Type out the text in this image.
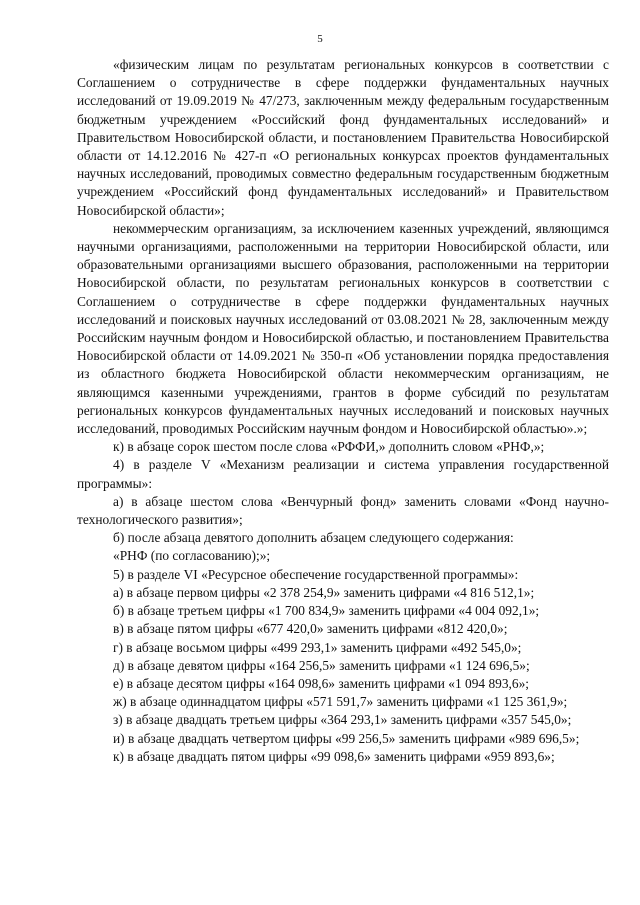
5

«физическим лицам по результатам региональных конкурсов в соответствии с Соглашением о сотрудничестве в сфере поддержки фундаментальных научных исследований от 19.09.2019 № 47/273, заключенным между федеральным государственным бюджетным учреждением «Российский фонд фундаментальных исследований» и Правительством Новосибирской области, и постановлением Правительства Новосибирской области от 14.12.2016 № 427-п «О региональных конкурсах проектов фундаментальных научных исследований, проводимых совместно федеральным государственным бюджетным учреждением «Российский фонд фундаментальных исследований» и Правительством Новосибирской области»;

некоммерческим организациям, за исключением казенных учреждений, являющимся научными организациями, расположенными на территории Новосибирской области, или образовательными организациями высшего образования, расположенными на территории Новосибирской области, по результатам региональных конкурсов в соответствии с Соглашением о сотрудничестве в сфере поддержки фундаментальных научных исследований и поисковых научных исследований от 03.08.2021 № 28, заключенным между Российским научным фондом и Новосибирской областью, и постановлением Правительства Новосибирской области от 14.09.2021 № 350-п «Об установлении порядка предоставления из областного бюджета Новосибирской области некоммерческим организациям, не являющимся казенными учреждениями, грантов в форме субсидий по результатам региональных конкурсов фундаментальных научных исследований и поисковых научных исследований, проводимых Российским научным фондом и Новосибирской областью».»;

к) в абзаце сорок шестом после слова «РФФИ,» дополнить словом «РНФ,»;

4) в разделе V «Механизм реализации и система управления государственной программы»:

а) в абзаце шестом слова «Венчурный фонд» заменить словами «Фонд научно-технологического развития»;

б) после абзаца девятого дополнить абзацем следующего содержания:

«РНФ (по согласованию);»;

5) в разделе VI «Ресурсное обеспечение государственной программы»:

а) в абзаце первом цифры «2 378 254,9» заменить цифрами «4 816 512,1»;

б) в абзаце третьем цифры «1 700 834,9» заменить цифрами «4 004 092,1»;

в) в абзаце пятом цифры «677 420,0» заменить цифрами «812 420,0»;

г) в абзаце восьмом цифры «499 293,1» заменить цифрами «492 545,0»;

д) в абзаце девятом цифры «164 256,5» заменить цифрами «1 124 696,5»;

е) в абзаце десятом цифры «164 098,6» заменить цифрами «1 094 893,6»;

ж) в абзаце одиннадцатом цифры «571 591,7» заменить цифрами «1 125 361,9»;

з) в абзаце двадцать третьем цифры «364 293,1» заменить цифрами «357 545,0»;

и) в абзаце двадцать четвертом цифры «99 256,5» заменить цифрами «989 696,5»;

к) в абзаце двадцать пятом цифры «99 098,6» заменить цифрами «959 893,6»;
